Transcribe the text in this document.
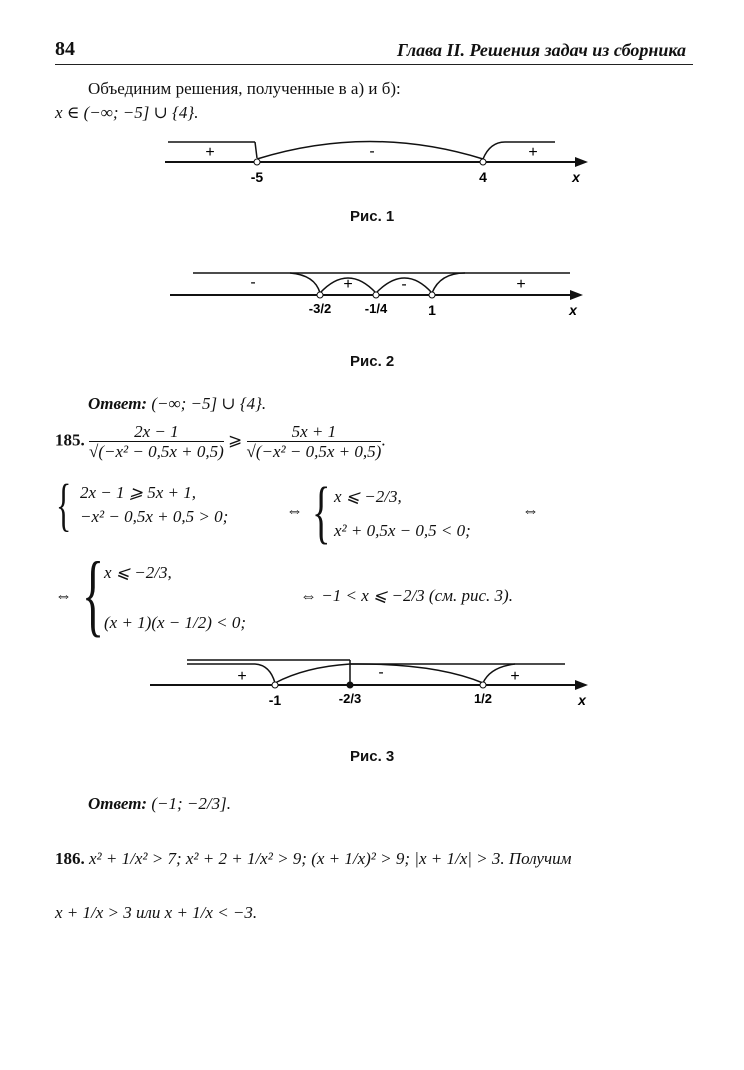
84	Глава II. Решения задач из сборника
Объединим решения, полученные в а) и б):
x ∈ (−∞; −5] ∪ {4}.
+	-	+
-5	4	x
Рис. 1
-	+	-	+
-3/2	-1/4	1	x
Рис. 2
Ответ: (−∞; −5] ∪ {4}.
185. $\frac{2x - 1}{\text{√(−x² − 0,5x + 0,5)}}$ ⩾ $\frac{5x + 1}{\text{√(−x² − 0,5x + 0,5)}}$ .
{ 2x − 1 ⩾ 5x + 1,
−x² − 0,5x + 0,5 > 0;	⇔ { x ⩽ −2/3,
x² + 0,5x − 0,5 < 0;
⇔
⇔ { x ⩽ −2/3,
(x + 1)(x − 1/2) < 0;
⇔ −1 < x ⩽ −2/3 (см. рис. 3).
+	-	+
-1	-2/3	1/2	x
Рис. 3
Ответ: (−1; −2/3].
186. x² + 1/x² > 7; x² + 2 + 1/x² > 9; (x + 1/x)² > 9; |x + 1/x| > 3. Получим
x + 1/x > 3 или x + 1/x < −3.
